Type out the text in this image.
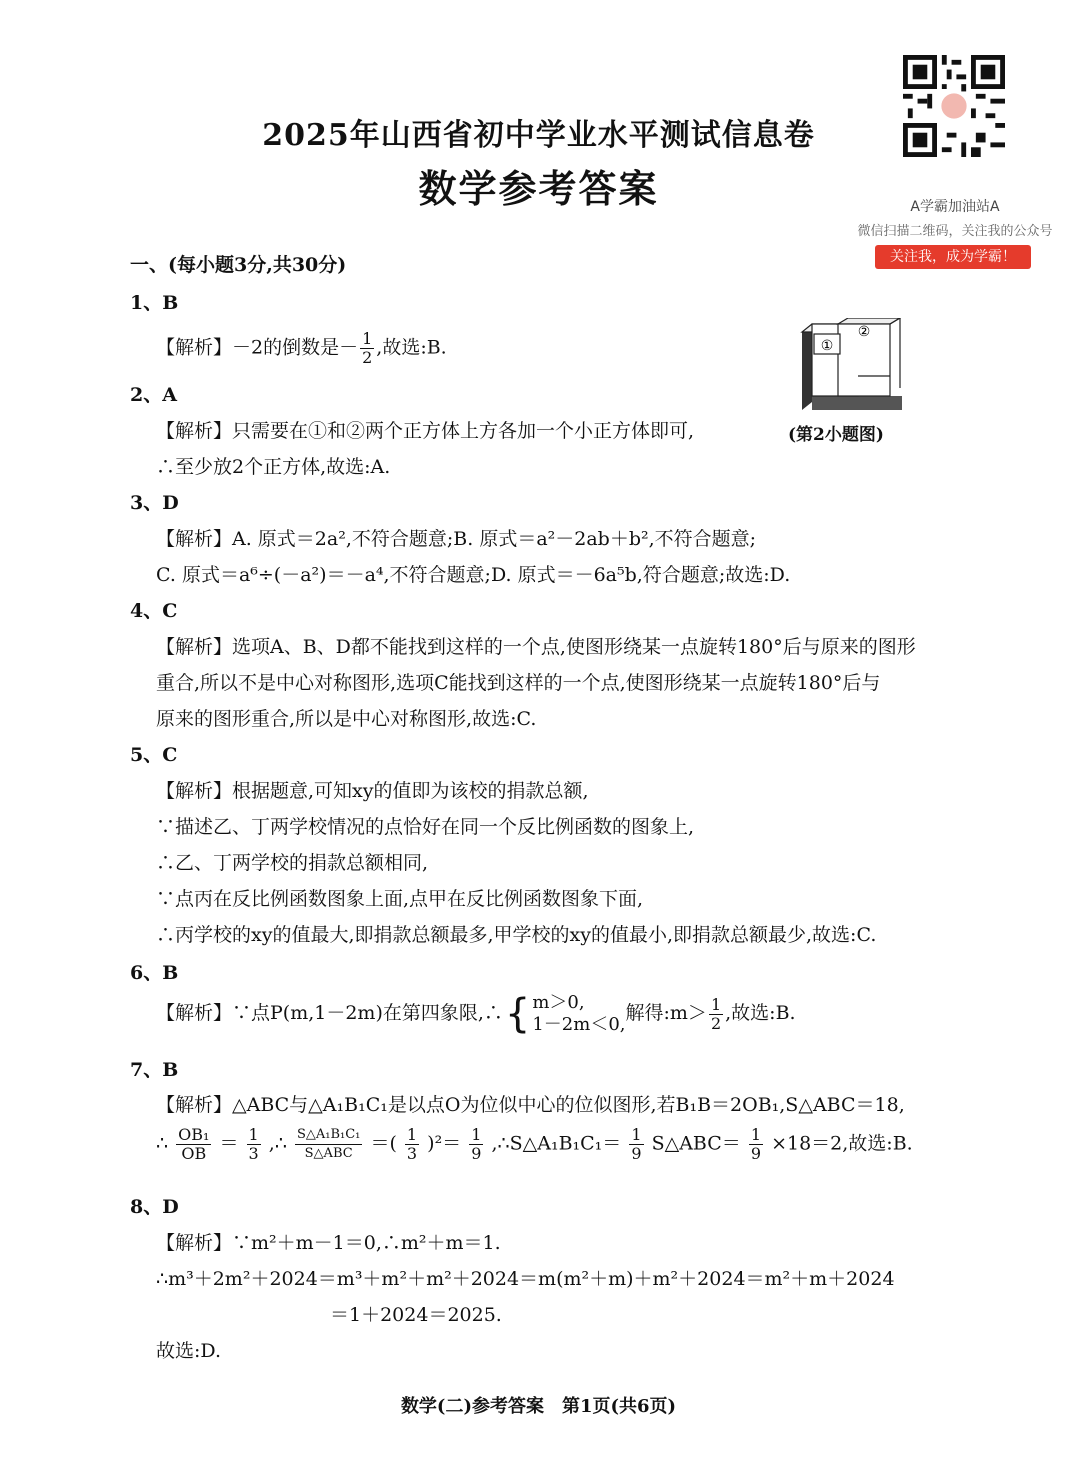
2025年山西省初中学业水平测试信息卷
数学参考答案	A学霸加油站A
微信扫描二维码，关注我的公众号
关注我，成为学霸！
一、(每小题3分,共30分)
1、B
【解析】－2的倒数是－ $\frac{1}{2}$ ,故选:B.	①
②
(第2小题图)
2、A
【解析】只需要在①和②两个正方体上方各加一个小正方体即可,
∴至少放2个正方体,故选:A.
3、D
【解析】A. 原式＝2a²,不符合题意;B. 原式＝a²－2ab＋b²,不符合题意;
C. 原式＝a⁶÷(－a²)＝－a⁴,不符合题意;D. 原式＝－6a⁵b,符合题意;故选:D.
4、C
【解析】选项A、B、D都不能找到这样的一个点,使图形绕某一点旋转180°后与原来的图形
重合,所以不是中心对称图形,选项C能找到这样的一个点,使图形绕某一点旋转180°后与
原来的图形重合,所以是中心对称图形,故选:C.
5、C
【解析】根据题意,可知xy的值即为该校的捐款总额,
∵描述乙、丁两学校情况的点恰好在同一个反比例函数的图象上,
∴乙、丁两学校的捐款总额相同,
∵点丙在反比例函数图象上面,点甲在反比例函数图象下面,
∴丙学校的xy的值最大,即捐款总额最多,甲学校的xy的值最小,即捐款总额最少,故选:C.
6、B
【解析】∵点P(m,1－2m)在第四象限,∴{ m＞0,
1－2m＜0,
解得:m＞ $\frac{1}{2}$ ,故选:B.
7、B
【解析】△ABC与△A₁B₁C₁是以点O为位似中心的位似图形,若B₁B＝2OB₁,S△ABC＝18,
∴ $\frac{\text{OB₁}}{OB} = \frac{1}{3}$ ,∴ $\frac{\text{S△A₁B₁C₁}}{\text{S△ABC}}$ ＝( $\frac{1}{3} )^2= \frac{1}{9}$ ,∴S△A₁B₁C₁＝ $\frac{1}{9}$ S△ABC＝ $\frac{1}{9} \times 18=2$,故选:B.
8、D
【解析】∵m²＋m－1＝0,∴m²＋m＝1.
∴m³＋2m²＋2024＝m³＋m²＋m²＋2024＝m(m²＋m)＋m²＋2024＝m²＋m＋2024
＝1＋2024＝2025.
故选:D.
数学(二)参考答案　第1页(共6页)
